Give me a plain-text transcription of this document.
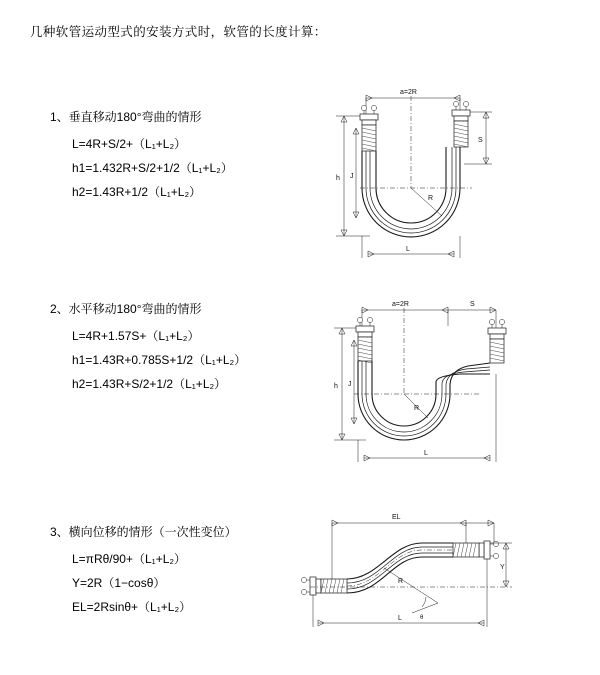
几种软管运动型式的安装方式时，软管的长度计算：
1、垂直移动180°弯曲的情形
L=4R+S/2+（L₁+L₂）
h1=1.432R+S/2+1/2（L₁+L₂）
h2=1.43R+1/2（L₁+L₂）
a=2R
h J
S
R
L
2、水平移动180°弯曲的情形
L=4R+1.57S+（L₁+L₂）
h1=1.43R+0.785S+1/2（L₁+L₂）
h2=1.43R+S/2+1/2（L₁+L₂）
a=2R	S
h J
R
L
3、横向位移的情形（一次性变位）
L=πRθ/90+（L₁+L₂）
Y=2R（1−cosθ）
EL=2Rsinθ+（L₁+L₂）
EL
R
θ
Y
L
